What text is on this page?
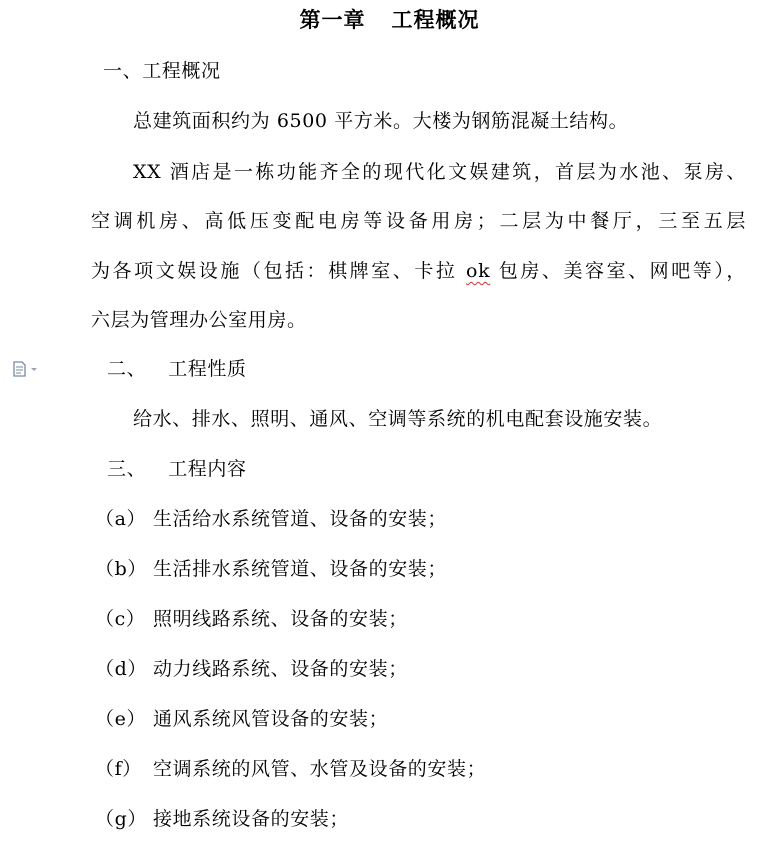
第一章 工程概况
一、工程概况
总建筑面积约为 6500 平方米。大楼为钢筋混凝土结构。
XX 酒店是一栋功能齐全的现代化文娱建筑，首层为水池、泵房、
空调机房、高低压变配电房等设备用房；二层为中餐厅，三至五层
为各项文娱设施（包括：棋牌室、卡拉 ok 包房、美容室、网吧等），
六层为管理办公室用房。
二、 工程性质
给水、排水、照明、通风、空调等系统的机电配套设施安装。
三、 工程内容
（a） 生活给水系统管道、设备的安装；
（b） 生活排水系统管道、设备的安装；
（c） 照明线路系统、设备的安装；
（d） 动力线路系统、设备的安装；
（e） 通风系统风管设备的安装；
（f） 空调系统的风管、水管及设备的安装；
（g） 接地系统设备的安装；
